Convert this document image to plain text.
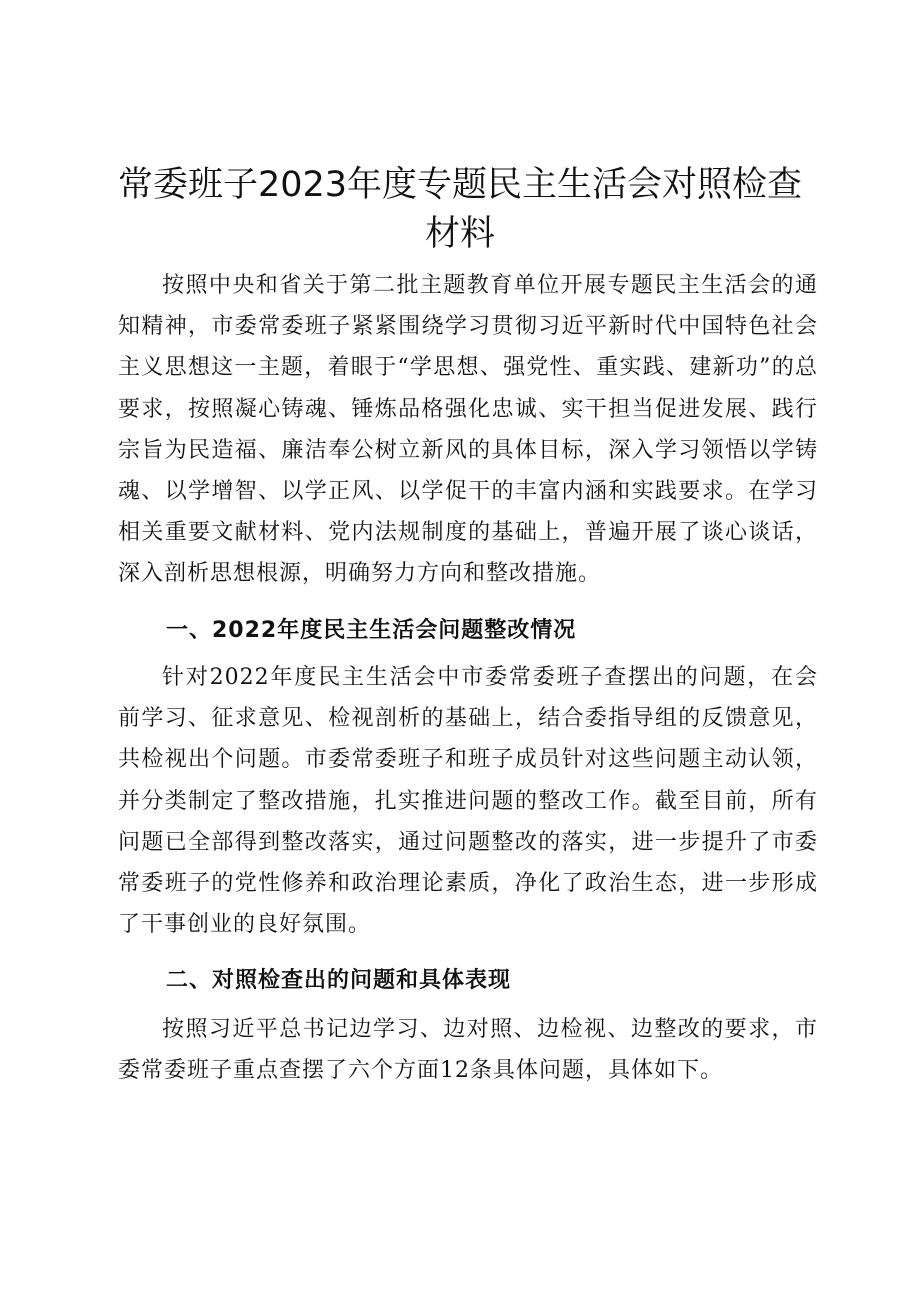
常委班子2023年度专题民主生活会对照检查
材料

按照中央和省关于第二批主题教育单位开展专题民主生活会的通知精神，市委常委班子紧紧围绕学习贯彻习近平新时代中国特色社会主义思想这一主题，着眼于“学思想、强党性、重实践、建新功”的总要求，按照凝心铸魂、锤炼品格强化忠诚、实干担当促进发展、践行宗旨为民造福、廉洁奉公树立新风的具体目标，深入学习领悟以学铸魂、以学增智、以学正风、以学促干的丰富内涵和实践要求。在学习相关重要文献材料、党内法规制度的基础上，普遍开展了谈心谈话，深入剖析思想根源，明确努力方向和整改措施。

一、2022年度民主生活会问题整改情况

针对2022年度民主生活会中市委常委班子查摆出的问题，在会前学习、征求意见、检视剖析的基础上，结合委指导组的反馈意见，共检视出个问题。市委常委班子和班子成员针对这些问题主动认领，并分类制定了整改措施，扎实推进问题的整改工作。截至目前，所有问题已全部得到整改落实，通过问题整改的落实，进一步提升了市委常委班子的党性修养和政治理论素质，净化了政治生态，进一步形成了干事创业的良好氛围。

二、对照检查出的问题和具体表现

按照习近平总书记边学习、边对照、边检视、边整改的要求，市委常委班子重点查摆了六个方面12条具体问题，具体如下。
